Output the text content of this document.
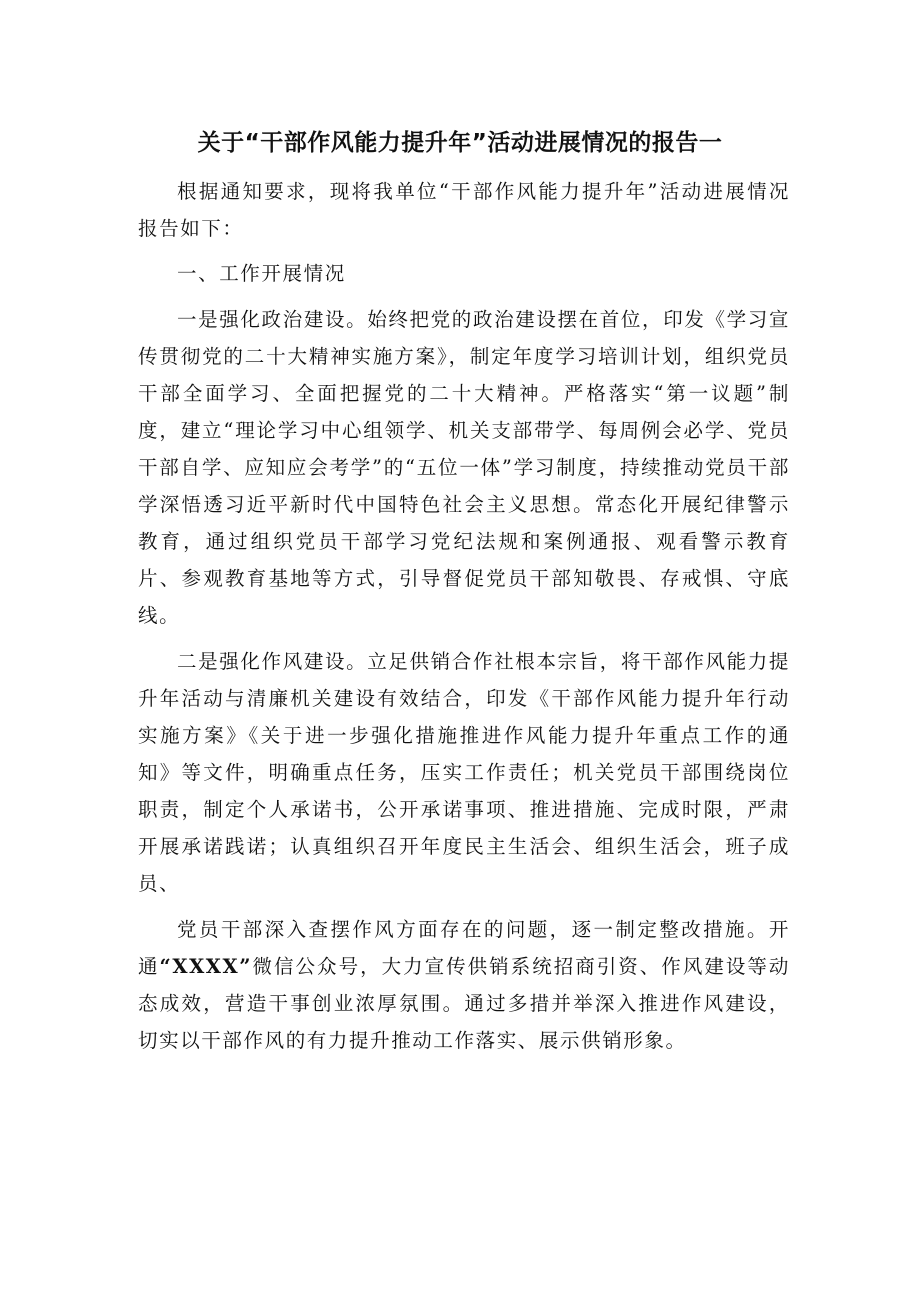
关于“干部作风能力提升年”活动进展情况的报告一

根据通知要求，现将我单位“干部作风能力提升年”活动进展情况报告如下：

一、工作开展情况

一是强化政治建设。始终把党的政治建设摆在首位，印发《学习宣传贯彻党的二十大精神实施方案》，制定年度学习培训计划，组织党员干部全面学习、全面把握党的二十大精神。严格落实“第一议题”制度，建立“理论学习中心组领学、机关支部带学、每周例会必学、党员干部自学、应知应会考学”的“五位一体”学习制度，持续推动党员干部学深悟透习近平新时代中国特色社会主义思想。常态化开展纪律警示教育，通过组织党员干部学习党纪法规和案例通报、观看警示教育片、参观教育基地等方式，引导督促党员干部知敬畏、存戒惧、守底线。

二是强化作风建设。立足供销合作社根本宗旨，将干部作风能力提升年活动与清廉机关建设有效结合，印发《干部作风能力提升年行动实施方案》《关于进一步强化措施推进作风能力提升年重点工作的通知》等文件，明确重点任务，压实工作责任；机关党员干部围绕岗位职责，制定个人承诺书，公开承诺事项、推进措施、完成时限，严肃开展承诺践诺；认真组织召开年度民主生活会、组织生活会，班子成员、

党员干部深入查摆作风方面存在的问题，逐一制定整改措施。开通“XXXX”微信公众号，大力宣传供销系统招商引资、作风建设等动态成效，营造干事创业浓厚氛围。通过多措并举深入推进作风建设，切实以干部作风的有力提升推动工作落实、展示供销形象。
